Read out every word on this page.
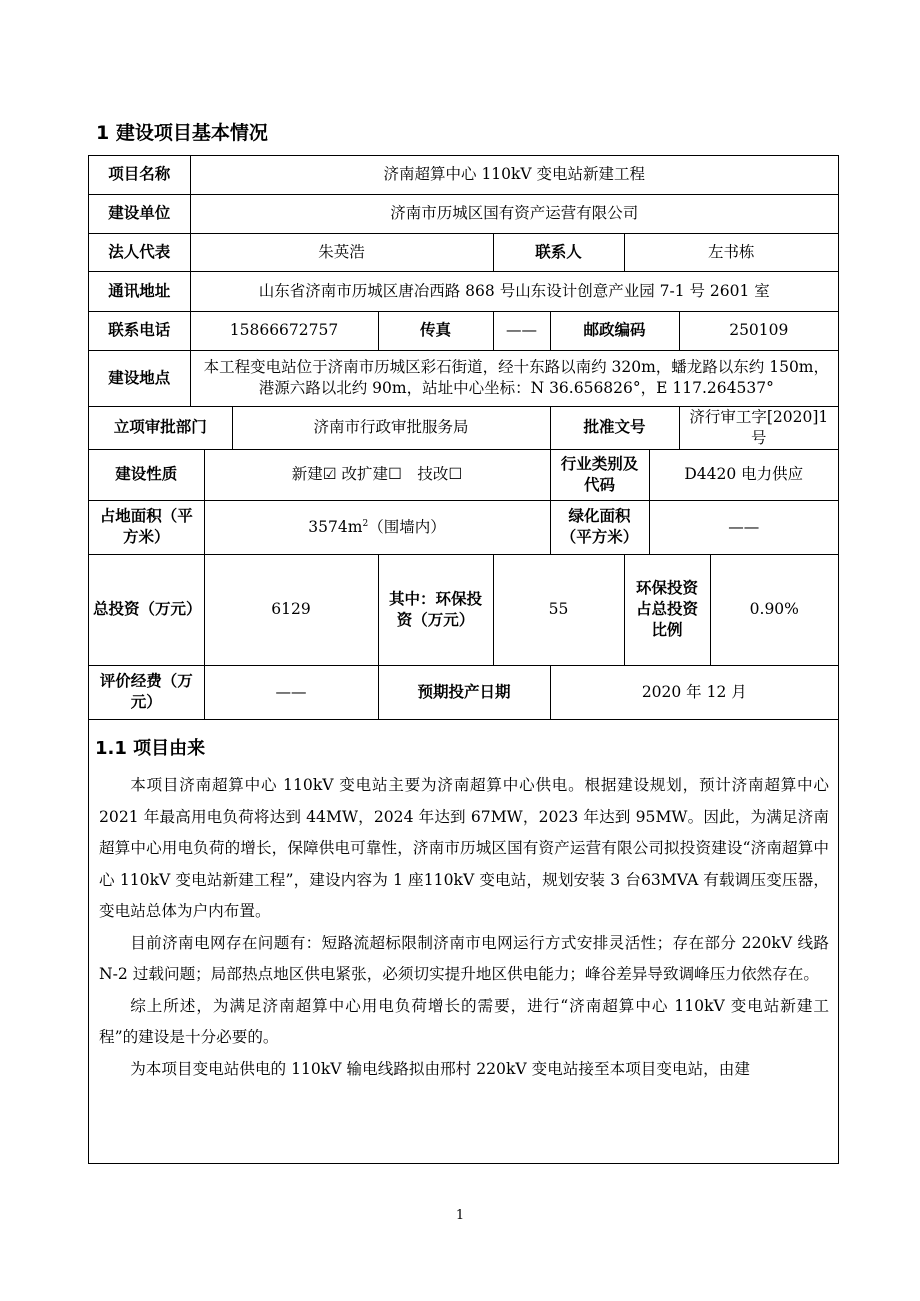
1 建设项目基本情况
项目名称	济南超算中心 110kV 变电站新建工程									
建设单位	济南市历城区国有资产运营有限公司									
法人代表	朱英浩				联系人		左书栋			
通讯地址	山东省济南市历城区唐冶西路 868 号山东设计创意产业园 7-1 号 2601 室									
联系电话	15866672757			传真	——	邮政编码			250109	
建设地点	本工程变电站位于济南市历城区彩石街道，经十东路以南约 320m，蟠龙路以东约 150m，港源六路以北约 90m，站址中心坐标：N 36.656826°，E 117.264537°									
立项审批部门			济南市行政审批服务局			批准文号			济行审工字[2020]1 号	
建设性质		新建☑ 改扩建☐　技改☐				行业类别及代码		D4420 电力供应		
占地面积（平方米）		$3574m^2$（围墙内）				绿化面积（平方米）		——		
总投资（万元）		6129		其中：环保投资（万元）	55		环保投资占总投资比例			0.90%
评价经费（万元）		——		预期投产日期		2020 年 12 月				
1.1 项目由来

本项目济南超算中心 110kV 变电站主要为济南超算中心供电。根据建设规划，预计济南超算中心 2021 年最高用电负荷将达到 44MW，2024 年达到 67MW，2023 年达到 95MW。因此，为满足济南超算中心用电负荷的增长，保障供电可靠性，济南市历城区国有资产运营有限公司拟投资建设“济南超算中心 110kV 变电站新建工程”，建设内容为 1 座110kV 变电站，规划安装 3 台63MVA 有载调压变压器，变电站总体为户内布置。

目前济南电网存在问题有：短路流超标限制济南市电网运行方式安排灵活性；存在部分 220kV 线路 N-2 过载问题；局部热点地区供电紧张，必须切实提升地区供电能力；峰谷差异导致调峰压力依然存在。

综上所述，为满足济南超算中心用电负荷增长的需要，进行“济南超算中心 110kV 变电站新建工程”的建设是十分必要的。

为本项目变电站供电的 110kV 输电线路拟由邢村 220kV 变电站接至本项目变电站，由建

1
